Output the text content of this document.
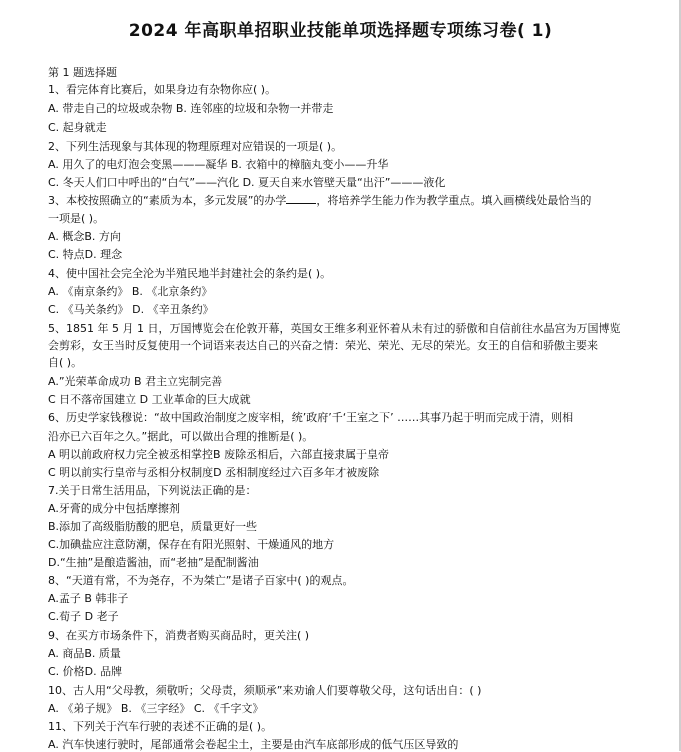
2024 年高职单招职业技能单项选择题专项练习卷( 1)
第 1 题选择题
1、看完体育比赛后，如果身边有杂物你应( )。
A. 带走自己的垃圾或杂物 B. 连邻座的垃圾和杂物一并带走
C. 起身就走
2、下列生活现象与其体现的物理原理对应错误的一项是( )。
A. 用久了的电灯泡会变黑———凝华 B. 衣箱中的樟脑丸变小——升华
C. 冬天人们口中呼出的“白气”——汽化 D. 夏天自来水管壁天量“出汗”———液化
3、本校按照确立的“素质为本，多元发展”的办学	，将培养学生能力作为教学重点。填入画横线处最恰当的
一项是( )。
A. 概念B. 方向
C. 特点D. 理念
4、使中国社会完全沦为半殖民地半封建社会的条约是( )。
A. 《南京条约》 B. 《北京条约》
C. 《马关条约》 D. 《辛丑条约》
5、1851 年 5 月 1 日，万国博览会在伦敦开幕，英国女王维多利亚怀着从未有过的骄傲和自信前往水晶宫为万国博览
会剪彩，女王当时反复使用一个词语来表达自己的兴奋之情：荣光、荣光、无尽的荣光。女王的自信和骄傲主要来
自( )。
A.”光荣革命成功 B 君主立宪制完善
C 日不落帝国建立 D 工业革命的巨大成就
6、历史学家钱穆说：“故中国政治制度之废宰相，统’政府’千‘王室之下’ ……其事乃起于明而完成于清，则相
沿亦已六百年之久。”据此，可以做出合理的推断是( )。
A 明以前政府权力完全被丞相掌控B 废除丞相后，六部直接隶属于皇帝
C 明以前实行皇帝与丞相分权制度D 丞相制度经过六百多年才被废除
7.关于日常生活用品，下列说法正确的是：
A.牙膏的成分中包括摩擦剂
B.添加了高级脂肪酸的肥皂，质量更好一些
C.加碘盐应注意防潮，保存在有阳光照射、干燥通风的地方
D.“生抽”是酿造酱油，而“老抽”是配制酱油
8、“天道有常，不为尧存，不为桀亡”是诸子百家中( )的观点。
A.孟子 B 韩非子
C.荀子 D 老子
9、在买方市场条件下，消费者购买商品时，更关注( )
A. 商品B. 质量
C. 价格D. 品牌
10、古人用“父母教，须敬听；父母责，须顺承”来劝谕人们要尊敬父母，这句话出自：( )
A. 《弟子规》 B. 《三字经》 C. 《千字文》
11、下列关于汽车行驶的表述不正确的是( )。
A. 汽车快速行驶时，尾部通常会卷起尘土，主要是由汽车底部形成的低气压区导致的
